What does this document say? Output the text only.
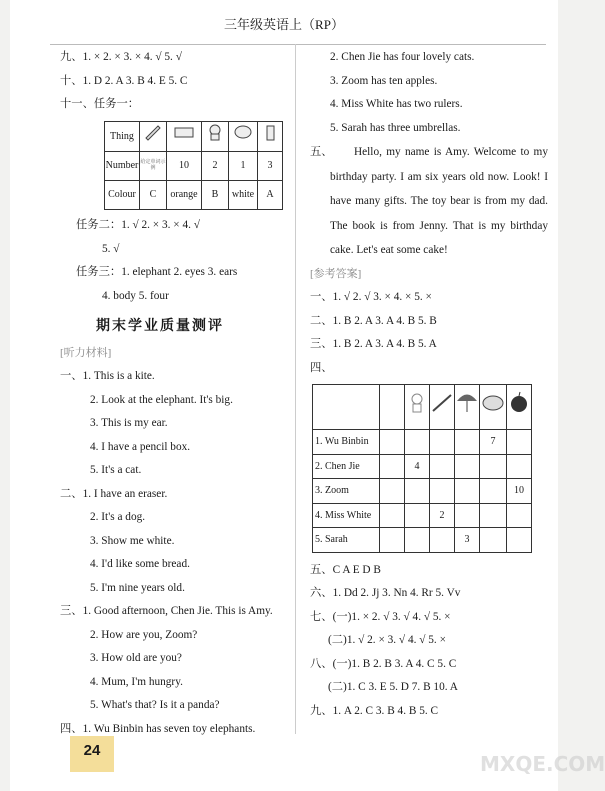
三年级英语上（RP）
九、1. × 2. × 3. × 4. √ 5. √
十、1. D 2. A 3. B 4. E 5. C
十一、任务一：
Thing					
Number	给定单词示例	10	2	1	3
Colour	C	orange	B	white	A
任务二：1. √ 2. × 3. × 4. √
5. √
任务三：1. elephant 2. eyes 3. ears
4. body 5. four
期末学业质量测评
[听力材料]
一、1. This is a kite.
2. Look at the elephant. It's big.
3. This is my ear.
4. I have a pencil box.
5. It's a cat.
二、1. I have an eraser.
2. It's a dog.
3. Show me white.
4. I'd like some bread.
5. I'm nine years old.
三、1. Good afternoon, Chen Jie. This is Amy.
2. How are you, Zoom?
3. How old are you?
4. Mum, I'm hungry.
5. What's that? Is it a panda?
四、1. Wu Binbin has seven toy elephants.
2. Chen Jie has four lovely cats.
3. Zoom has ten apples.
4. Miss White has two rulers.
5. Sarah has three umbrellas.
五、	Hello, my name is Amy. Welcome to my birthday party. I am six years old now. Look! I have many gifts. The toy bear is from my dad. The book is from Jenny. That is my birthday cake. Let's eat some cake!
[参考答案]
一、1. √ 2. √ 3. × 4. × 5. ×
二、1. B 2. A 3. A 4. B 5. B
三、1. B 2. A 3. A 4. B 5. A
四、

1. Wu Binbin					7	
2. Chen Jie		4				
3. Zoom						10
4. Miss White			2			
5. Sarah				3		
五、C A E D B
六、1. Dd 2. Jj 3. Nn 4. Rr 5. Vv
七、(一)1. × 2. √ 3. √ 4. √ 5. ×
(二)1. √ 2. × 3. √ 4. √ 5. ×
八、(一)1. B 2. B 3. A 4. C 5. C
(二)1. C 3. E 5. D 7. B 10. A
九、1. A 2. C 3. B 4. B 5. C
24
MXQE.COM
